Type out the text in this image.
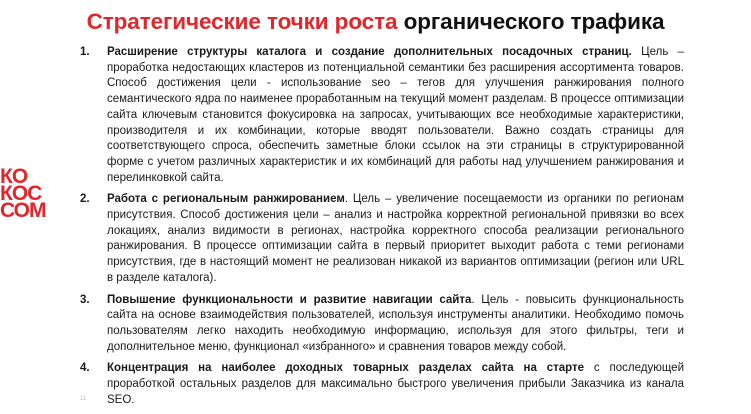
Стратегические точки роста органического трафика
КО
КОС
СОМ
1. Расширение структуры каталога и создание дополнительных посадочных страниц. Цель – проработка недостающих кластеров из потенциальной семантики без расширения ассортимента товаров. Способ достижения цели - использование seo – тегов для улучшения ранжирования полного семантического ядра по наименее проработанным на текущий момент разделам. В процессе оптимизации сайта ключевым становится фокусировка на запросах, учитывающих все необходимые характеристики, производителя и их комбинации, которые вводят пользователи. Важно создать страницы для соответствующего спроса, обеспечить заметные блоки ссылок на эти страницы в структурированной форме с учетом различных характеристик и их комбинаций для работы над улучшением ранжирования и перелинковкой сайта.

2. Работа с региональным ранжированием. Цель – увеличение посещаемости из органики по регионам присутствия. Способ достижения цели – анализ и настройка корректной региональной привязки во всех локациях, анализ видимости в регионах, настройка корректного способа реализации регионального ранжирования. В процессе оптимизации сайта в первый приоритет выходит работа с теми регионами присутствия, где в настоящий момент не реализован никакой из вариантов оптимизации (регион или URL в разделе каталога).

3. Повышение функциональности и развитие навигации сайта. Цель - повысить функциональность сайта на основе взаимодействия пользователей, используя инструменты аналитики. Необходимо помочь пользователям легко находить необходимую информацию, используя для этого фильтры, теги и дополнительное меню, функционал «избранного» и сравнения товаров между собой.

4. Концентрация на наиболее доходных товарных разделах сайта на старте с последующей проработкой остальных разделов для максимально быстрого увеличения прибыли Заказчика из канала SEO.

11
